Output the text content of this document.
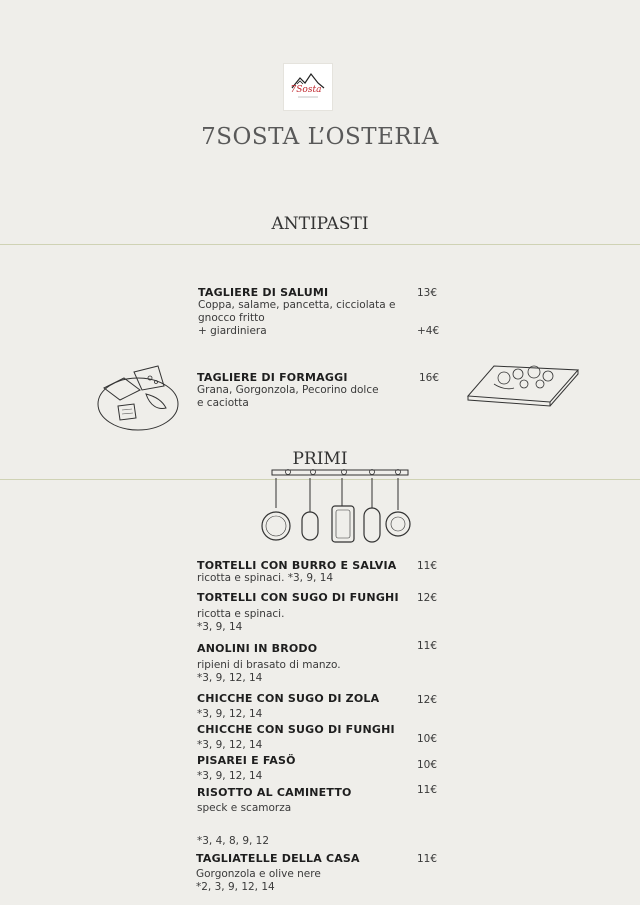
7Sosta
7SOSTA L’OSTERIA
ANTIPASTI
TAGLIERE DI SALUMI
Coppa, salame, pancetta, cicciolata e
gnocco fritto
+ giardiniera
13€
+4€
TAGLIERE DI FORMAGGI
Grana, Gorgonzola, Pecorino dolce
e caciotta
16€
PRIMI
TORTELLI CON BURRO E SALVIA
ricotta e spinaci. *3, 9, 14
11€
TORTELLI CON SUGO DI FUNGHI
ricotta e spinaci.
*3, 9, 14
12€
ANOLINI IN BRODO
ripieni di brasato di manzo.
*3, 9, 12, 14
11€
CHICCHE CON SUGO DI ZOLA
*3, 9, 12, 14
12€
CHICCHE CON SUGO DI FUNGHI
*3, 9, 12, 14	10€
PISAREI E FASÖ
*3, 9, 12, 14
10€
RISOTTO AL CAMINETTO
speck e scamorza
*3, 4, 8, 9, 12
11€
TAGLIATELLE DELLA CASA
Gorgonzola e olive nere
*2, 3, 9, 12, 14
11€
